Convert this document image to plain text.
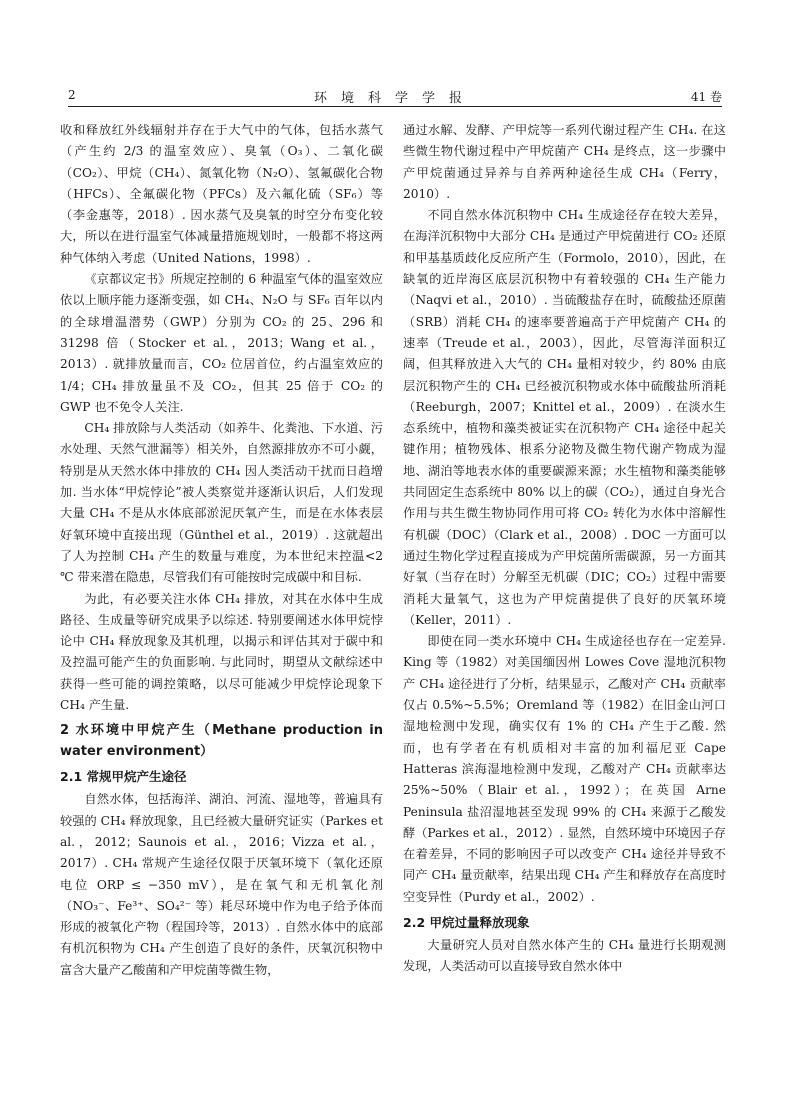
2	环境科学学报	41 卷

收和释放红外线辐射并存在于大气中的气体，包括水蒸气（产生约 2/3 的温室效应）、臭氧（O₃）、二氧化碳（CO₂）、甲烷（CH₄）、氮氧化物（N₂O）、氢氟碳化合物（HFCs）、全氟碳化物（PFCs）及六氟化硫（SF₆）等（李金惠等，2018）. 因水蒸气及臭氧的时空分布变化较大，所以在进行温室气体减量措施规划时，一般都不将这两种气体纳入考虑（United Nations，1998）.

《京都议定书》所规定控制的 6 种温室气体的温室效应依以上顺序能力逐渐变强，如 CH₄、N₂O 与 SF₆ 百年以内的全球增温潜势（GWP）分别为 CO₂ 的 25、296 和 31298 倍（Stocker et al.，2013；Wang et al.，2013）. 就排放量而言，CO₂ 位居首位，约占温室效应的 1/4；CH₄ 排放量虽不及 CO₂，但其 25 倍于 CO₂ 的 GWP 也不免令人关注.

CH₄ 排放除与人类活动（如养牛、化粪池、下水道、污水处理、天然气泄漏等）相关外，自然源排放亦不可小觑，特别是从天然水体中排放的 CH₄ 因人类活动干扰而日趋增加. 当水体“甲烷悖论”被人类察觉并逐渐认识后，人们发现大量 CH₄ 不是从水体底部淤泥厌氧产生，而是在水体表层好氧环境中直接出现（Günthel et al.，2019）. 这就超出了人为控制 CH₄ 产生的数量与难度，为本世纪末控温<2 ℃ 带来潜在隐患，尽管我们有可能按时完成碳中和目标.

为此，有必要关注水体 CH₄ 排放，对其在水体中生成路径、生成量等研究成果予以综述. 特别要阐述水体甲烷悖论中 CH₄ 释放现象及其机理，以揭示和评估其对于碳中和及控温可能产生的负面影响. 与此同时，期望从文献综述中获得一些可能的调控策略，以尽可能减少甲烷悖论现象下 CH₄ 产生量.

2 水环境中甲烷产生（Methane production in water environment）
2.1 常规甲烷产生途径

自然水体，包括海洋、湖泊、河流、湿地等，普遍具有较强的 CH₄ 释放现象，且已经被大量研究证实（Parkes et al.，2012；Saunois et al.，2016；Vizza et al.，2017）. CH₄ 常规产生途径仅限于厌氧环境下（氧化还原电位 ORP ≤ −350 mV），是在氧气和无机氧化剂（NO₃⁻、Fe³⁺、SO₄²⁻ 等）耗尽环境中作为电子给予体而形成的被氧化产物（程国玲等，2013）. 自然水体中的底部有机沉积物为 CH₄ 产生创造了良好的条件，厌氧沉积物中富含大量产乙酸菌和产甲烷菌等微生物，

通过水解、发酵、产甲烷等一系列代谢过程产生 CH₄. 在这些微生物代谢过程中产甲烷菌产 CH₄ 是终点，这一步骤中产甲烷菌通过异养与自养两种途径生成 CH₄（Ferry，2010）.

不同自然水体沉积物中 CH₄ 生成途径存在较大差异，在海洋沉积物中大部分 CH₄ 是通过产甲烷菌进行 CO₂ 还原和甲基基质歧化反应所产生（Formolo，2010），因此，在缺氧的近岸海区底层沉积物中有着较强的 CH₄ 生产能力（Naqvi et al.，2010）. 当硫酸盐存在时，硫酸盐还原菌（SRB）消耗 CH₄ 的速率要普遍高于产甲烷菌产 CH₄ 的速率（Treude et al.，2003），因此，尽管海洋面积辽阔，但其释放进入大气的 CH₄ 量相对较少，约 80% 由底层沉积物产生的 CH₄ 已经被沉积物或水体中硫酸盐所消耗（Reeburgh，2007；Knittel et al.，2009）. 在淡水生态系统中，植物和藻类被证实在沉积物产 CH₄ 途径中起关键作用；植物残体、根系分泌物及微生物代谢产物成为湿地、湖泊等地表水体的重要碳源来源；水生植物和藻类能够共同固定生态系统中 80% 以上的碳（CO₂），通过自身光合作用与共生微生物协同作用可将 CO₂ 转化为水体中溶解性有机碳（DOC）（Clark et al.，2008）. DOC 一方面可以通过生物化学过程直接成为产甲烷菌所需碳源，另一方面其好氧（当存在时）分解至无机碳（DIC；CO₂）过程中需要消耗大量氧气，这也为产甲烷菌提供了良好的厌氧环境（Keller，2011）.

即使在同一类水环境中 CH₄ 生成途径也存在一定差异. King 等（1982）对美国缅因州 Lowes Cove 湿地沉积物产 CH₄ 途径进行了分析，结果显示，乙酸对产 CH₄ 贡献率仅占 0.5%~5.5%；Oremland 等（1982）在旧金山河口湿地检测中发现，确实仅有 1% 的 CH₄ 产生于乙酸. 然而，也有学者在有机质相对丰富的加利福尼亚 Cape Hatteras 滨海湿地检测中发现，乙酸对产 CH₄ 贡献率达 25%~50%（Blair et al.，1992）；在英国 Arne Peninsula 盐沼湿地甚至发现 99% 的 CH₄ 来源于乙酸发酵（Parkes et al.，2012）. 显然，自然环境中环境因子存在着差异，不同的影响因子可以改变产 CH₄ 途径并导致不同产 CH₄ 量贡献率，结果出现 CH₄ 产生和释放存在高度时空变异性（Purdy et al.，2002）.

2.2 甲烷过量释放现象

大量研究人员对自然水体产生的 CH₄ 量进行长期观测发现，人类活动可以直接导致自然水体中
